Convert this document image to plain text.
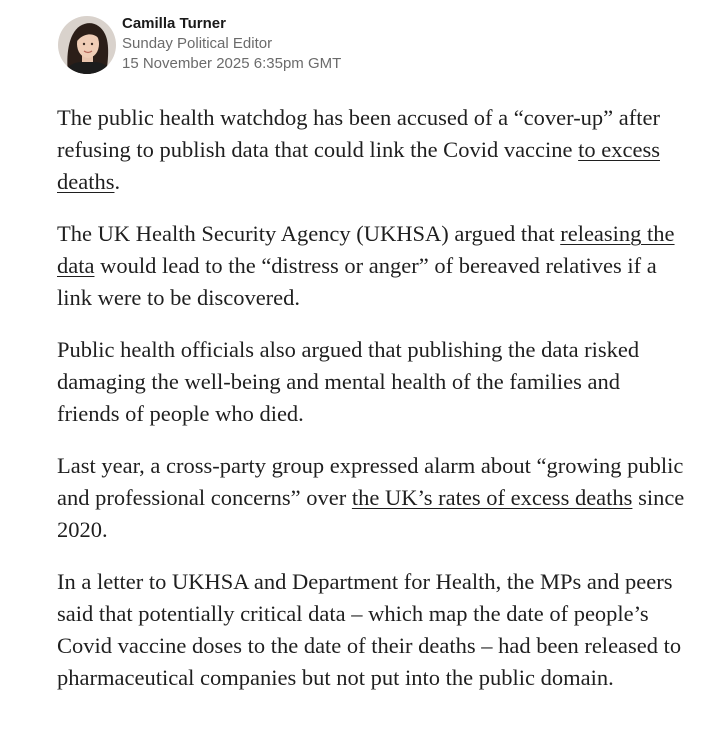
Camilla Turner
Sunday Political Editor
15 November 2025 6:35pm GMT

The public health watchdog has been accused of a “cover-up” after refusing to publish data that could link the Covid vaccine to excess deaths.

The UK Health Security Agency (UKHSA) argued that releasing the data would lead to the “distress or anger” of bereaved relatives if a link were to be discovered.

Public health officials also argued that publishing the data risked damaging the well-being and mental health of the families and friends of people who died.

Last year, a cross-party group expressed alarm about “growing public and professional concerns” over the UK’s rates of excess deaths since 2020.

In a letter to UKHSA and Department for Health, the MPs and peers said that potentially critical data – which map the date of people’s Covid vaccine doses to the date of their deaths – had been released to pharmaceutical companies but not put into the public domain.
